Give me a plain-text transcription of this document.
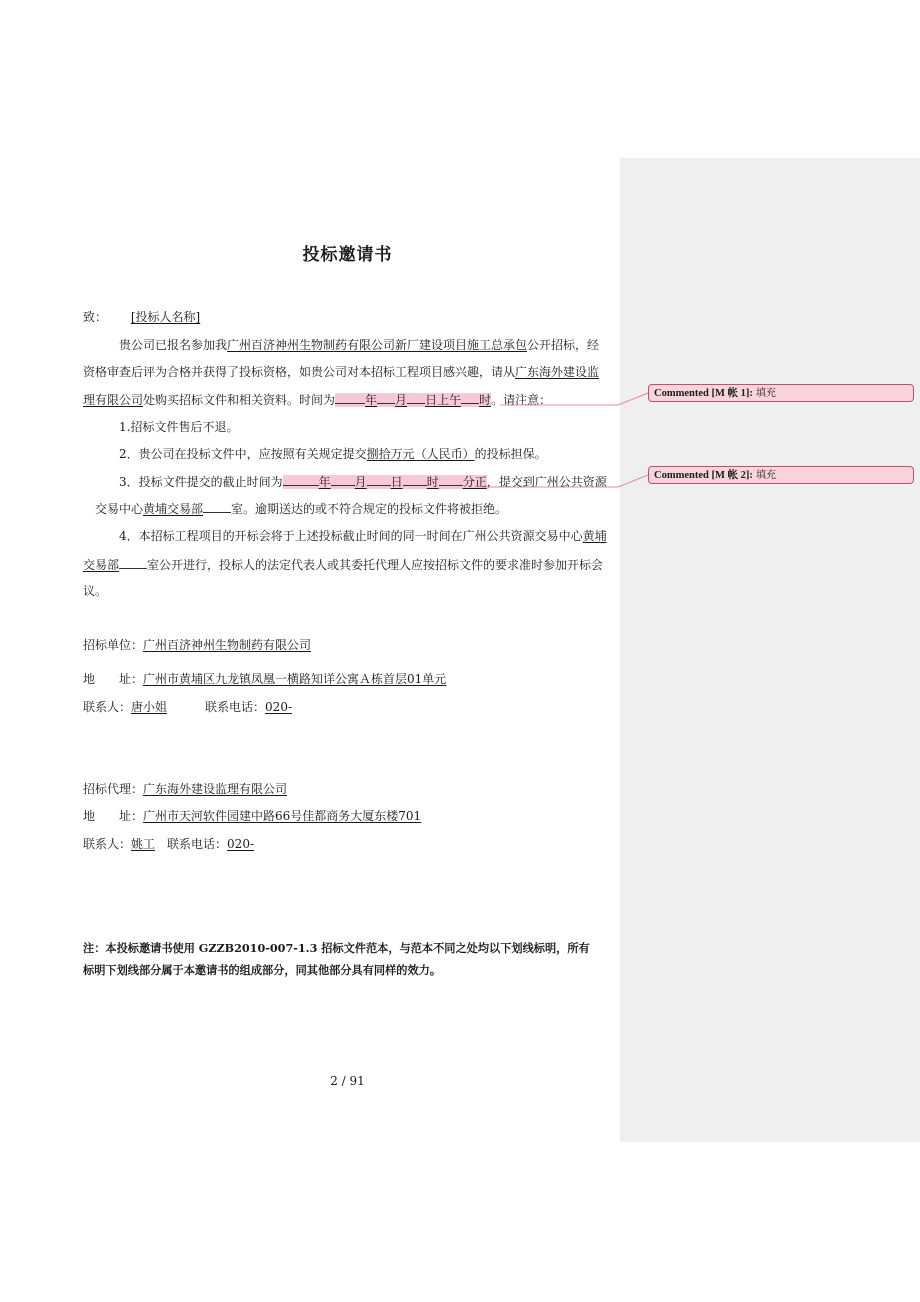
投标邀请书
致： [投标人名称]
贵公司已报名参加我广州百济神州生物制药有限公司新厂建设项目施工总承包公开招标，经
资格审查后评为合格并获得了投标资格，如贵公司对本招标工程项目感兴趣，请从广东海外建设监
理有限公司处购买招标文件和相关资料。时间为	年 月 日上午 时。请注意：
1.招标文件售后不退。
2．贵公司在投标文件中，应按照有关规定提交捌拾万元（人民币）的投标担保。
3．投标文件提交的截止时间为	年 月 日 时 分正，提交到广州公共资源
交易中心黄埔交易部 室。逾期送达的或不符合规定的投标文件将被拒绝。
4．本招标工程项目的开标会将于上述投标截止时间的同一时间在广州公共资源交易中心黄埔
交易部 室公开进行，投标人的法定代表人或其委托代理人应按招标文件的要求准时参加开标会
议。
招标单位：广州百济神州生物制药有限公司
地　　址：广州市黄埔区九龙镇凤凰一横路知详公寓Ａ栋首层01单元
联系人：唐小姐	联系电话：020-
招标代理：广东海外建设监理有限公司
地　　址：广州市天河软件园建中路66号佳都商务大厦东楼701
联系人：姚工 联系电话：020-
注：本投标邀请书使用 GZZB2010-007-1.3 招标文件范本，与范本不同之处均以下划线标明，所有
标明下划线部分属于本邀请书的组成部分，同其他部分具有同样的效力。
2 / 91
Commented [M 帐 1]: 填充
Commented [M 帐 2]: 填充
